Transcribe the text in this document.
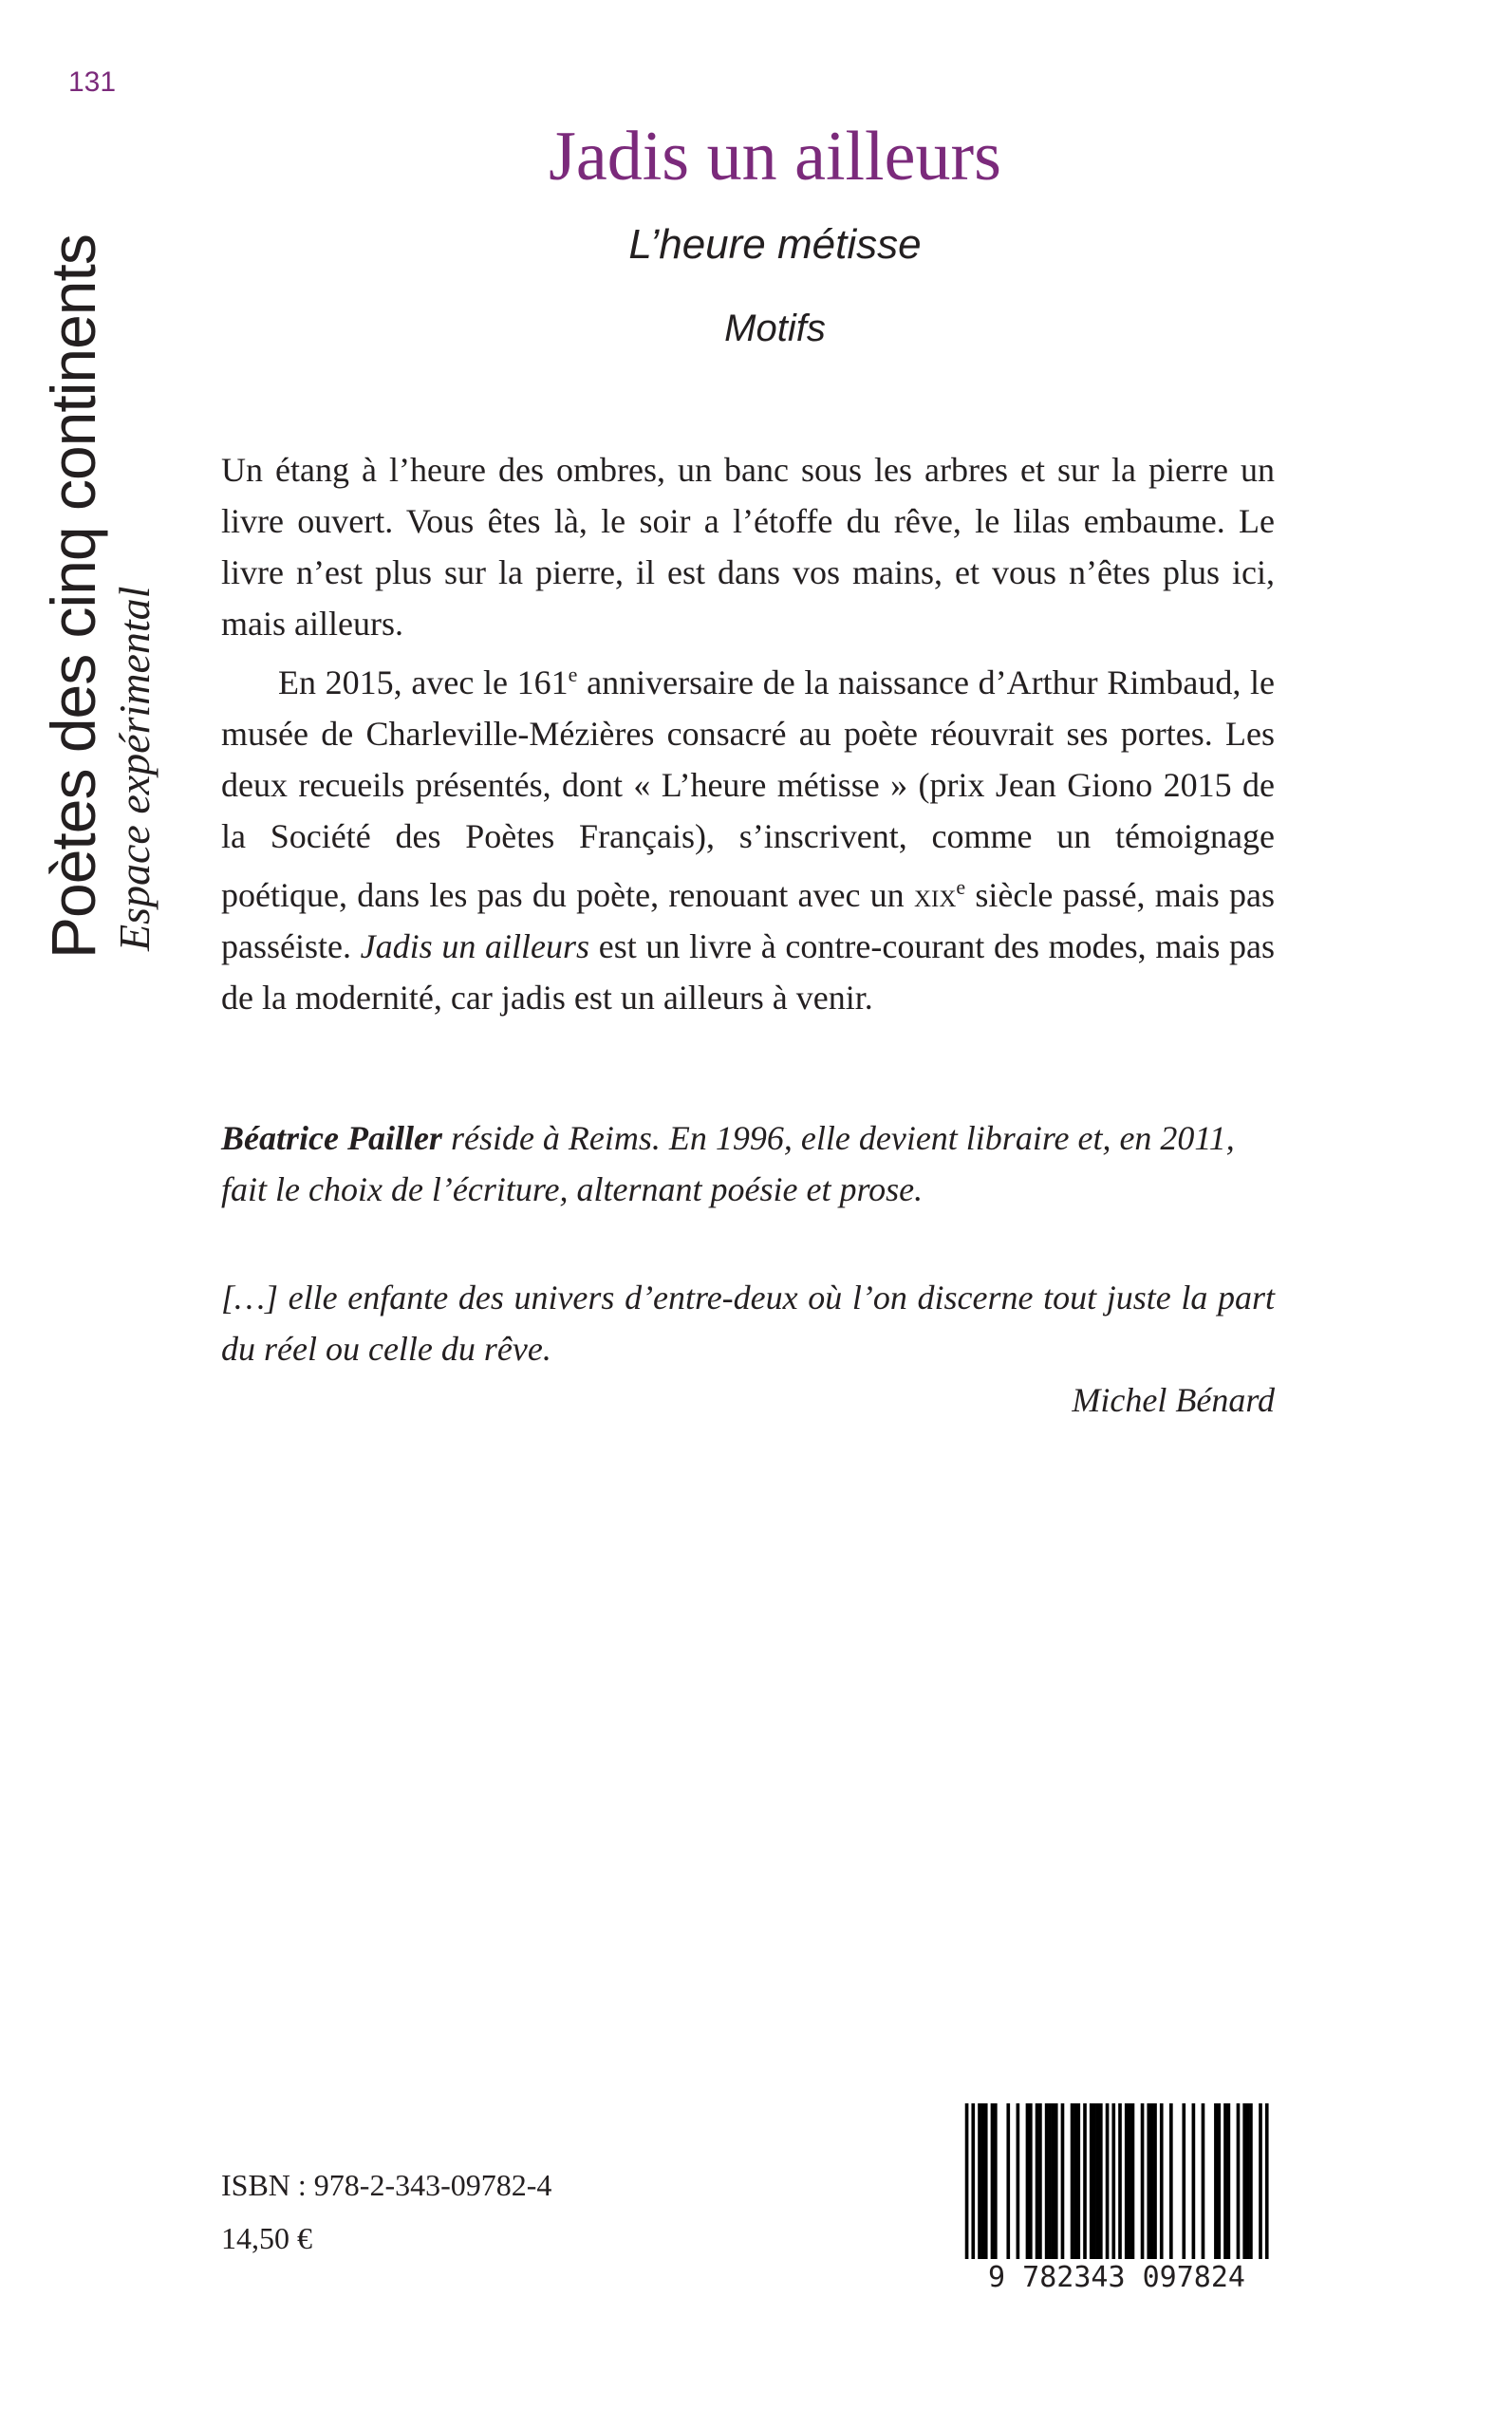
131
Poètes des cinq continents Espace expérimental
Jadis un ailleurs
L’heure métisse
Motifs

Un étang à l’heure des ombres, un banc sous les arbres et sur la pierre un livre ouvert. Vous êtes là, le soir a l’étoffe du rêve, le lilas embaume. Le livre n’est plus sur la pierre, il est dans vos mains, et vous n’êtes plus ici, mais ailleurs.

En 2015, avec le 161e anniversaire de la naissance d’Arthur Rimbaud, le musée de Charleville-Mézières consacré au poète réouvrait ses portes. Les deux recueils présentés, dont « L’heure métisse » (prix Jean Giono 2015 de la Société des Poètes Français), s’inscrivent, comme un témoignage poétique, dans les pas du poète, renouant avec un xix$^e$ siècle passé, mais pas passéiste. Jadis un ailleurs est un livre à contre-courant des modes, mais pas de la modernité, car jadis est un ailleurs à venir.

Béatrice Pailler réside à Reims. En 1996, elle devient libraire et, en 2011, fait le choix de l’écriture, alternant poésie et prose.
[…] elle enfante des univers d’entre-deux où l’on discerne tout juste la part du réel ou celle du rêve.
Michel Bénard
ISBN : 978-2-343-09782-4
14,50 €
9 782343 097824
